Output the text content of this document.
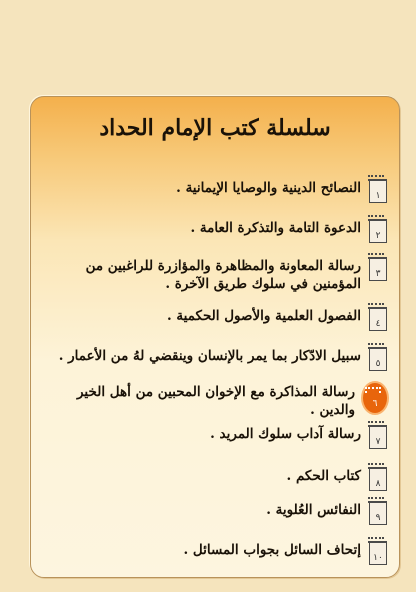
سلسلة كتب الإمام الحداد
١
النصائح الدينية والوصايا الإيمانية .
٢
الدعوة التامة والتذكرة العامة .
٣
رسالة المعاونة والمظاهرة والمؤازرة للراغبين من المؤمنين في سلوك طريق الآخرة .
٤
الفصول العلمية والأصول الحكمية .
٥
سبيل الادّكار بما يمر بالإنسان وينقضي لهُ من الأعمار .
٦
رسالة المذاكرة مع الإخوان المحبين من أهل الخير والدين .
٧
رسالة آداب سلوك المريد .
٨
كتاب الحكم .
٩
النفائس العُلوية .
١٠
إتحاف السائل بجواب المسائل .
